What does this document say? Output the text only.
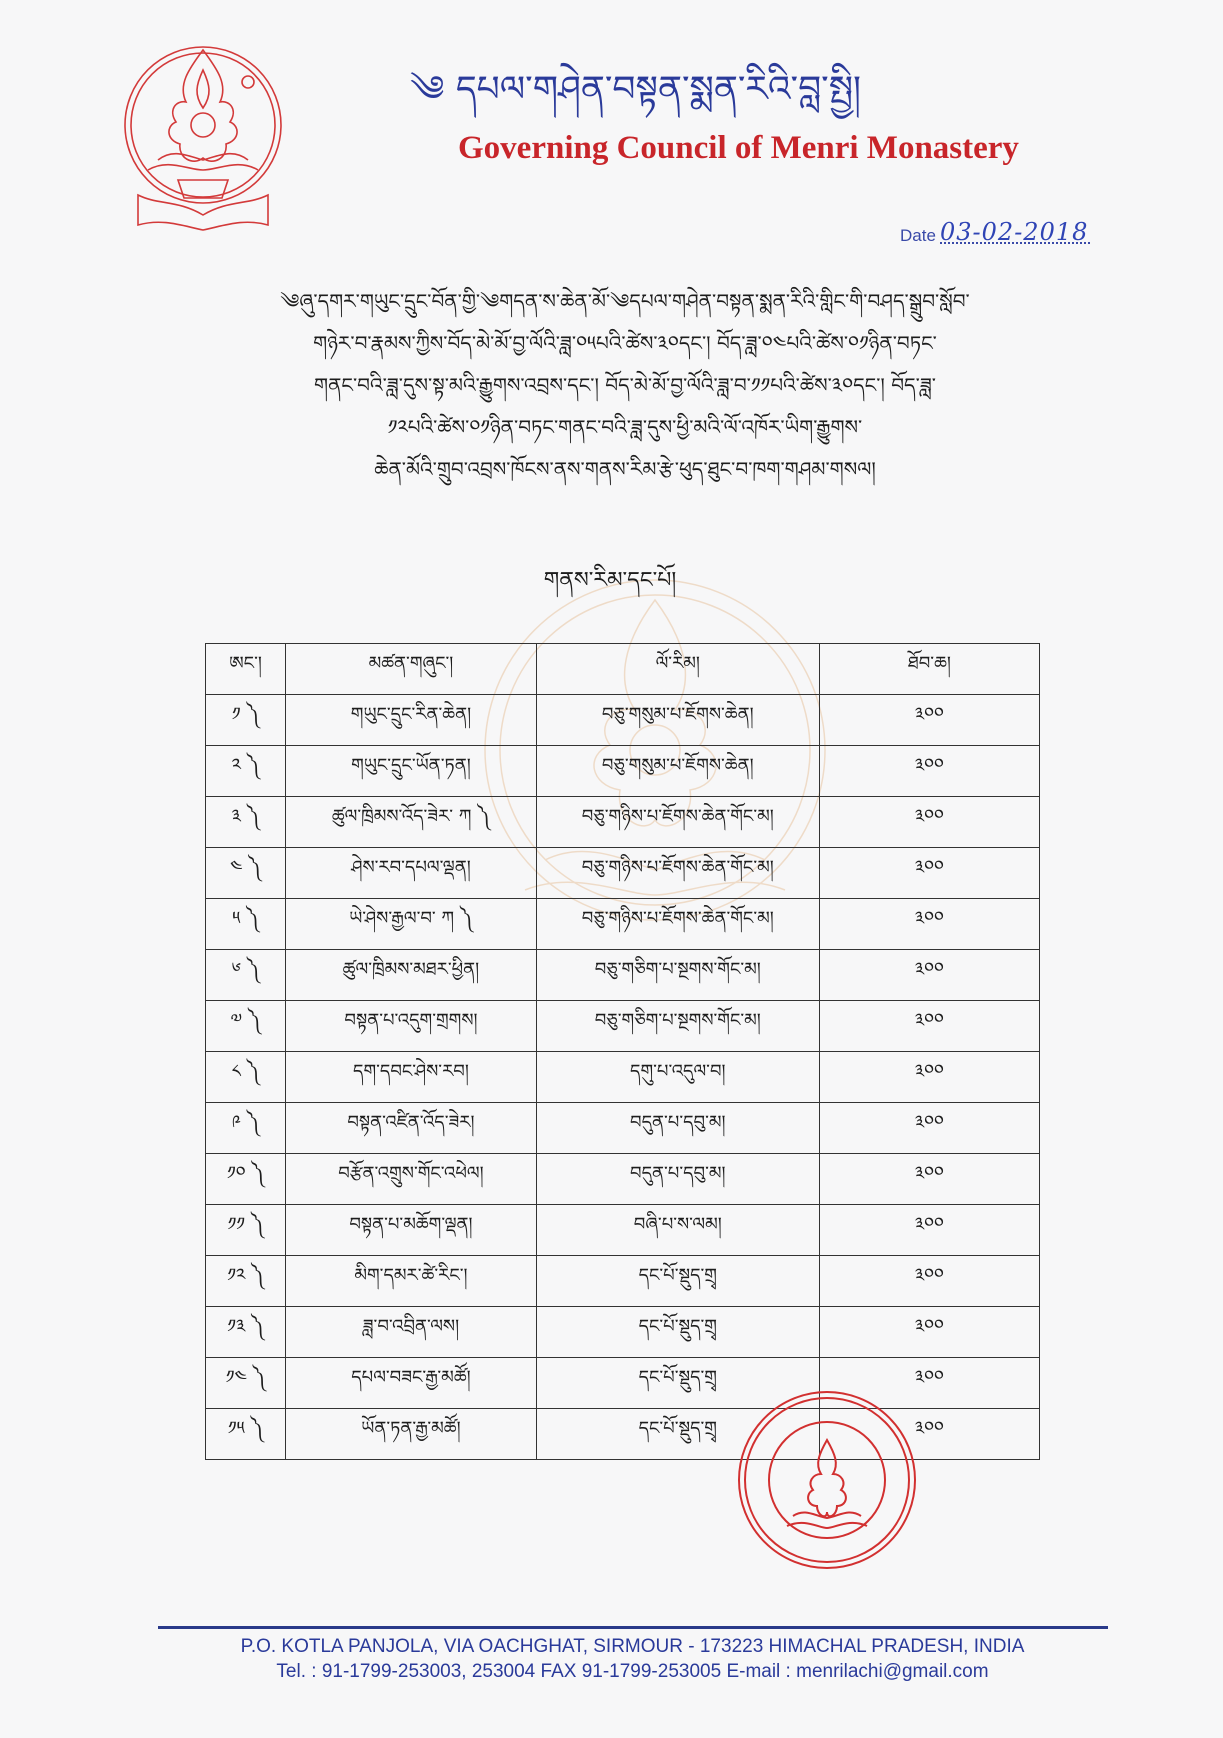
༄ དཔལ་གཤེན་བསྟན་སྨན་རིའི་བླ་སྤྱི།
Governing Council of Menri Monastery
Date 03-02-2018
༄ཞུ་དགར་གཡུང་དྲུང་བོན་གྱི་༄གདན་ས་ཆེན་མོ་༄དཔལ་གཤེན་བསྟན་སྨན་རིའི་གླིང་གི་བཤད་སྒྲུབ་སློབ་
གཉེར་བ་རྣམས་ཀྱིས་བོད་མེ་མོ་བྱ་ལོའི་ཟླ་༠༥པའི་ཚེས་༣༠དང་། བོད་ཟླ་༠༤པའི་ཚེས་༠༡ཉིན་བཏང་
གནང་བའི་ཟླ་དུས་སྟ་མའི་རྒྱུགས་འབྲས་དང་། བོད་མེ་མོ་བྱ་ལོའི་ཟླ་བ་༡༡པའི་ཚེས་༣༠དང་། བོད་ཟླ་
༡༢པའི་ཚེས་༠༡ཉིན་བཏང་གནང་བའི་ཟླ་དུས་ཕྱི་མའི་ལོ་འཁོར་ཡིག་རྒྱུགས་
ཆེན་མོའི་གྲུབ་འབྲས་ཁོངས་ནས་གནས་རིམ་རྩེ་ཕུད་ཐུང་བ་ཁག་གཤམ་གསལ།
གནས་རིམ་དང་པོ།
ཨང་།	མཚན་གཞུང་།	ལོ་རིམ།	ཐོབ་ཆ།
༡ ༽	གཡུང་དྲུང་རིན་ཆེན།	བཅུ་གསུམ་པ་ཇོགས་ཆེན།	༣༠༠
༢ ༽	གཡུང་དྲུང་ཡོན་ཏན།	བཅུ་གསུམ་པ་ཇོགས་ཆེན།	༣༠༠
༣ ༽	ཚུལ་ཁྲིམས་འོད་ཟེར་ ཀ ༽	བཅུ་གཉིས་པ་ཇོགས་ཆེན་གོང་མ།	༣༠༠
༤ ༽	ཤེས་རབ་དཔལ་ལྡན།	བཅུ་གཉིས་པ་ཇོགས་ཆེན་གོང་མ།	༣༠༠
༥ ༽	ཡེ་ཤེས་རྒྱལ་བ་ ཀ ༽	བཅུ་གཉིས་པ་ཇོགས་ཆེན་གོང་མ།	༣༠༠
༦ ༽	ཚུལ་ཁྲིམས་མཐར་ཕྱིན།	བཅུ་གཅིག་པ་སྔགས་གོང་མ།	༣༠༠
༧ ༽	བསྟན་པ་འདུག་གྲགས།	བཅུ་གཅིག་པ་སྔགས་གོང་མ།	༣༠༠
༨ ༽	དག་དབང་ཤེས་རབ།	དགུ་པ་འདུལ་བ།	༣༠༠
༩ ༽	བསྟན་འཛིན་འོད་ཟེར།	བདུན་པ་དབུ་མ།	༣༠༠
༡༠ ༽	བརྩོན་འགྲུས་གོང་འཕེལ།	བདུན་པ་དབུ་མ།	༣༠༠
༡༡ ༽	བསྟན་པ་མཆོག་ལྡན།	བཞི་པ་ས་ལམ།	༣༠༠
༡༢ ༽	མིག་དམར་ཚེ་རིང་།	དང་པོ་སྡུད་གྲྭ	༣༠༠
༡༣ ༽	ཟླ་བ་འབྲིན་ལས།	དང་པོ་སྡུད་གྲྭ	༣༠༠
༡༤ ༽	དཔལ་བཟང་རྒྱ་མཚོ།	དང་པོ་སྡུད་གྲྭ	༣༠༠
༡༥ ༽	ཡོན་ཏན་རྒྱ་མཚོ།	དང་པོ་སྡུད་གྲྭ	༣༠༠
P.O. KOTLA PANJOLA, VIA OACHGHAT, SIRMOUR - 173223 HIMACHAL PRADESH, INDIA
Tel. : 91-1799-253003, 253004 FAX 91-1799-253005 E-mail : menrilachi@gmail.com
